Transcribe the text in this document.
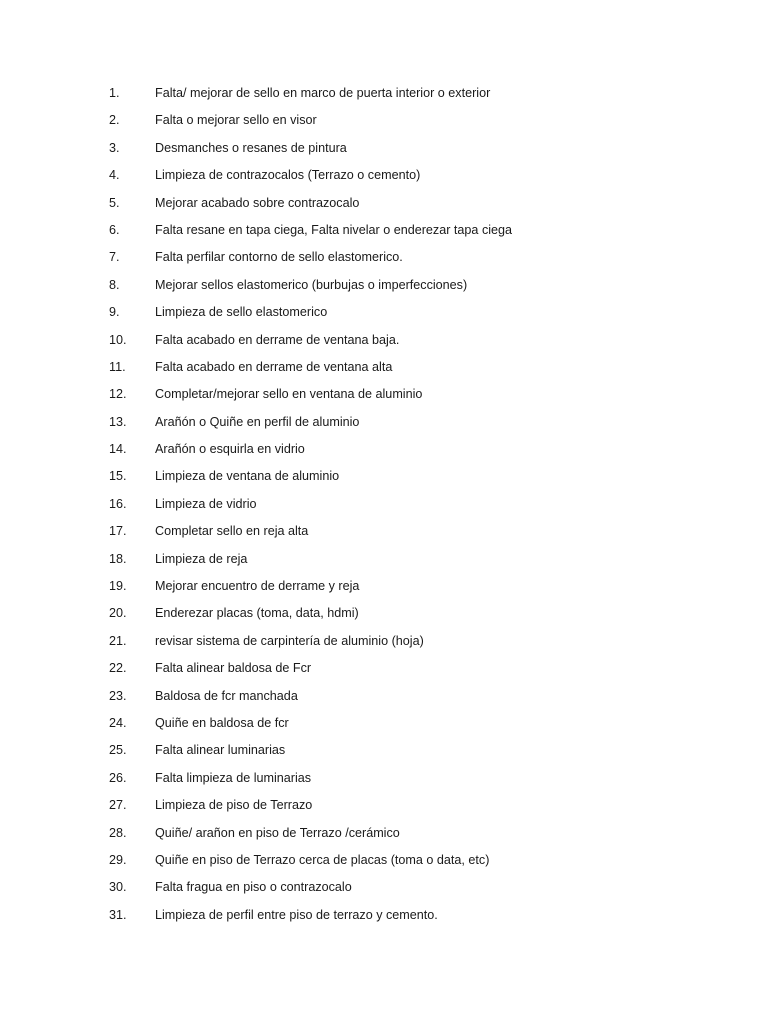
1.	Falta/ mejorar de sello en marco de puerta interior o exterior
2.	Falta o mejorar sello en visor
3.	Desmanches o resanes de pintura
4.	Limpieza de contrazocalos (Terrazo o cemento)
5.	Mejorar acabado sobre contrazocalo
6.	Falta resane en tapa ciega, Falta nivelar o enderezar tapa ciega
7.	Falta perfilar contorno de sello elastomerico.
8.	Mejorar sellos elastomerico (burbujas o imperfecciones)
9.	Limpieza de sello elastomerico
10.	Falta acabado en derrame de ventana baja.
11.	Falta acabado en derrame de ventana alta
12.	Completar/mejorar sello en ventana de aluminio
13.	Arañón o Quiñe en perfil de aluminio
14.	Arañón o esquirla en vidrio
15.	Limpieza de ventana de aluminio
16.	Limpieza de vidrio
17.	Completar sello en reja alta
18.	Limpieza de reja
19.	Mejorar encuentro de derrame y reja
20.	Enderezar placas (toma, data, hdmi)
21.	revisar sistema de carpintería de aluminio (hoja)
22.	Falta alinear baldosa de Fcr
23.	Baldosa de fcr manchada
24.	Quiñe en baldosa de fcr
25.	Falta alinear luminarias
26.	Falta limpieza de luminarias
27.	Limpieza de piso de Terrazo
28.	Quiñe/ arañon en piso de Terrazo /cerámico
29.	Quiñe en piso de Terrazo cerca de placas (toma o data, etc)
30.	Falta fragua en piso o contrazocalo
31.	Limpieza de perfil entre piso de terrazo y cemento.
